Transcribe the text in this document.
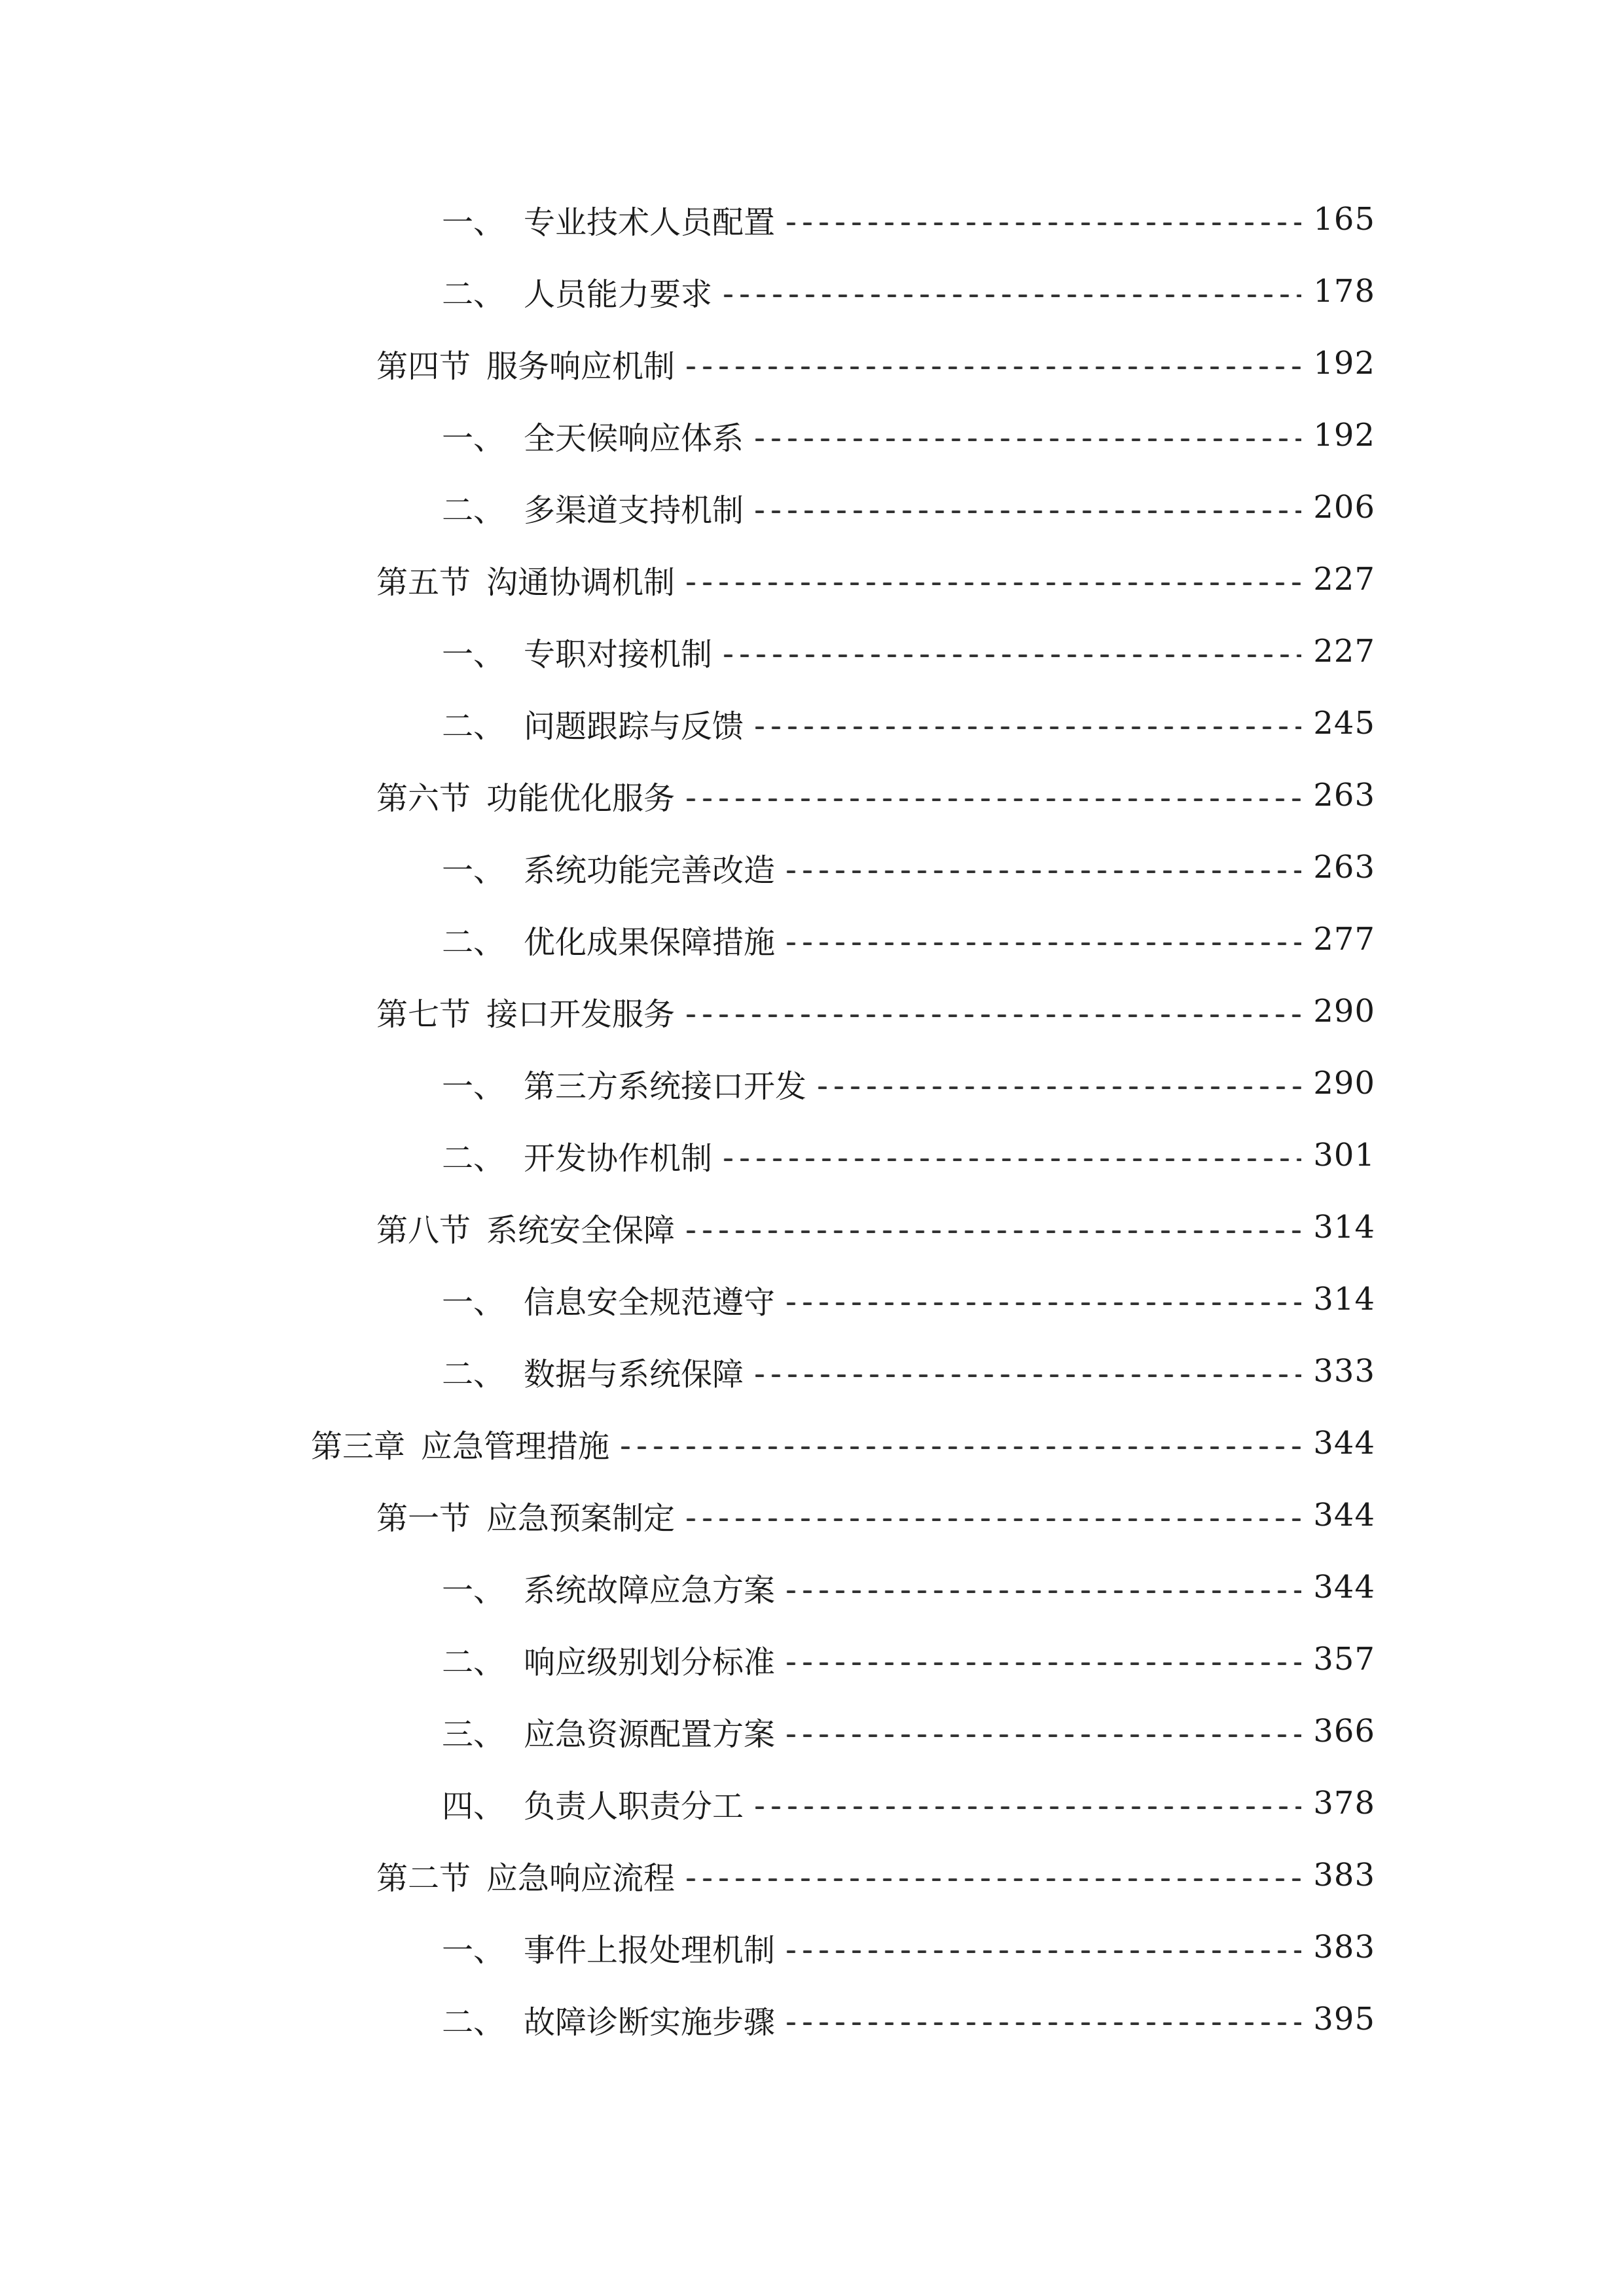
一、 专业技术人员配置	165
二、 人员能力要求	178
第四节 服务响应机制	192
一、 全天候响应体系	192
二、 多渠道支持机制	206
第五节 沟通协调机制	227
一、 专职对接机制	227
二、 问题跟踪与反馈	245
第六节 功能优化服务	263
一、 系统功能完善改造	263
二、 优化成果保障措施	277
第七节 接口开发服务	290
一、 第三方系统接口开发	290
二、 开发协作机制	301
第八节 系统安全保障	314
一、 信息安全规范遵守	314
二、 数据与系统保障	333
第三章 应急管理措施	344
第一节 应急预案制定	344
一、 系统故障应急方案	344
二、 响应级别划分标准	357
三、 应急资源配置方案	366
四、 负责人职责分工	378
第二节 应急响应流程	383
一、 事件上报处理机制	383
二、 故障诊断实施步骤	395
